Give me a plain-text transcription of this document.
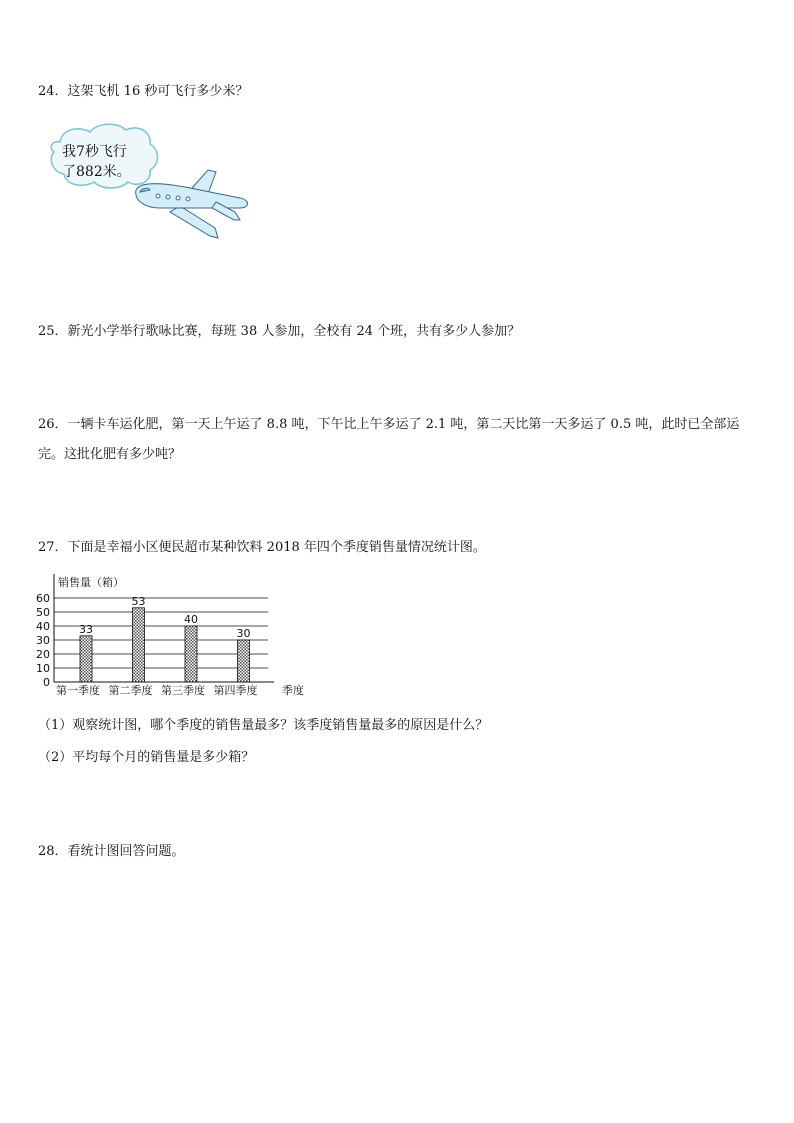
24．这架飞机 16 秒可飞行多少米？
我7秒飞行
了882米。
25．新光小学举行歌咏比赛，每班 38 人参加，全校有 24 个班，共有多少人参加？
26．一辆卡车运化肥，第一天上午运了 8.8 吨，下午比上午多运了 2.1 吨，第二天比第一天多运了 0.5 吨，此时已全部运完。这批化肥有多少吨？
27．下面是幸福小区便民超市某种饮料 2018 年四个季度销售量情况统计图。
销售量（箱）
季度
0
10
20
30
40
50
60
33
53
40
30
第一季度 第二季度 第三季度 第四季度
（1）观察统计图，哪个季度的销售量最多？该季度销售量最多的原因是什么？
（2）平均每个月的销售量是多少箱？
28．看统计图回答问题。
